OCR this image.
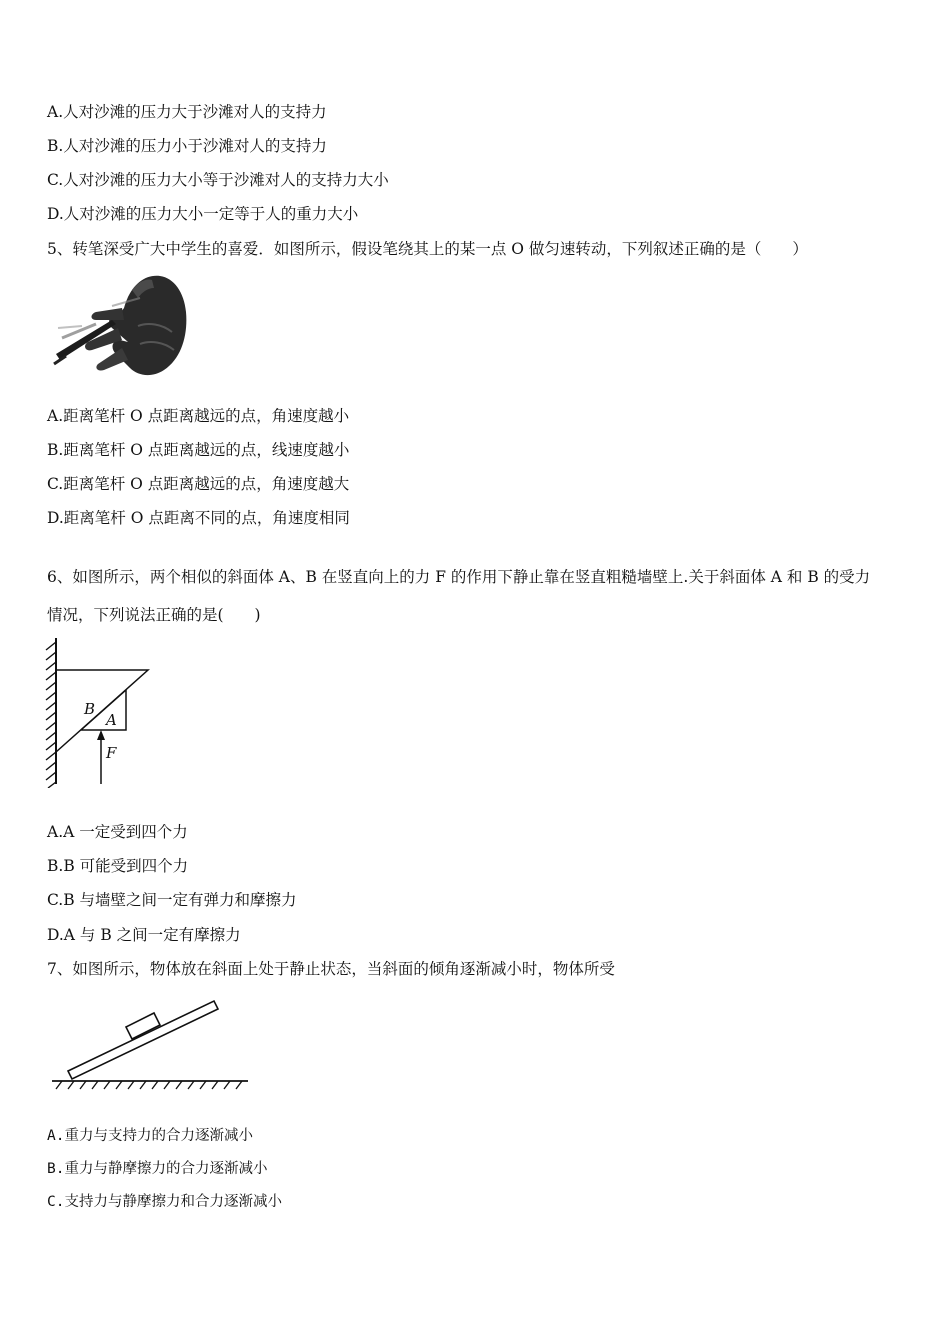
A.人对沙滩的压力大于沙滩对人的支持力
B.人对沙滩的压力小于沙滩对人的支持力
C.人对沙滩的压力大小等于沙滩对人的支持力大小
D.人对沙滩的压力大小一定等于人的重力大小
5、转笔深受广大中学生的喜爱．如图所示，假设笔绕其上的某一点 O 做匀速转动，下列叙述正确的是（　　）
A.距离笔杆 O 点距离越远的点，角速度越小
B.距离笔杆 O 点距离越远的点，线速度越小
C.距离笔杆 O 点距离越远的点，角速度越大
D.距离笔杆 O 点距离不同的点，角速度相同
6、如图所示，两个相似的斜面体 A、B 在竖直向上的力 F 的作用下静止靠在竖直粗糙墙壁上.关于斜面体 A 和 B 的受力
情况，下列说法正确的是(　　)
B
A
F
A.A 一定受到四个力
B.B 可能受到四个力
C.B 与墙壁之间一定有弹力和摩擦力
D.A 与 B 之间一定有摩擦力
7、如图所示，物体放在斜面上处于静止状态，当斜面的倾角逐渐减小时，物体所受
A.重力与支持力的合力逐渐减小
B.重力与静摩擦力的合力逐渐减小
C.支持力与静摩擦力和合力逐渐减小
